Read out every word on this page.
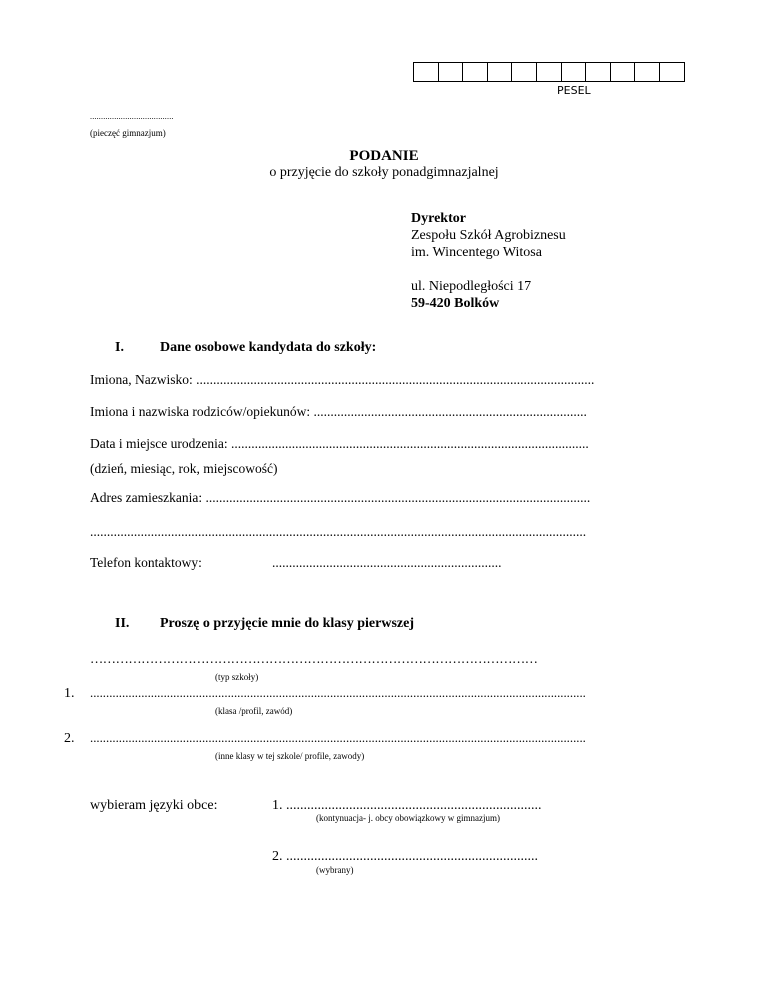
PESEL
......................................
(pieczęć gimnazjum)
PODANIE
o przyjęcie do szkoły ponadgimnazjalnej
Dyrektor
Zespołu Szkół Agrobiznesu
im. Wincentego Witosa
ul. Niepodległości 17
59-420 Bolków
I.	Dane osobowe kandydata do szkoły:
Imiona, Nazwisko: ......................................................................................................................
Imiona i nazwiska rodziców/opiekunów: .................................................................................
Data i miejsce urodzenia: ..........................................................................................................
(dzień, miesiąc, rok, miejscowość)
Adres zamieszkania: ..................................................................................................................
...................................................................................................................................................
Telefon kontaktowy:	....................................................................
II. Proszę o przyjęcie mnie do klasy pierwszej
……………………………………………………………………………………………
(typ szkoły)
1. ...........................................................................................................................................................
(klasa /profil, zawód)
2. ...........................................................................................................................................................
(inne klasy w tej szkole/ profile, zawody)
wybieram języki obce:	1. .........................................................................
(kontynuacja- j. obcy obowiązkowy w gimnazjum)
2. ........................................................................
(wybrany)
